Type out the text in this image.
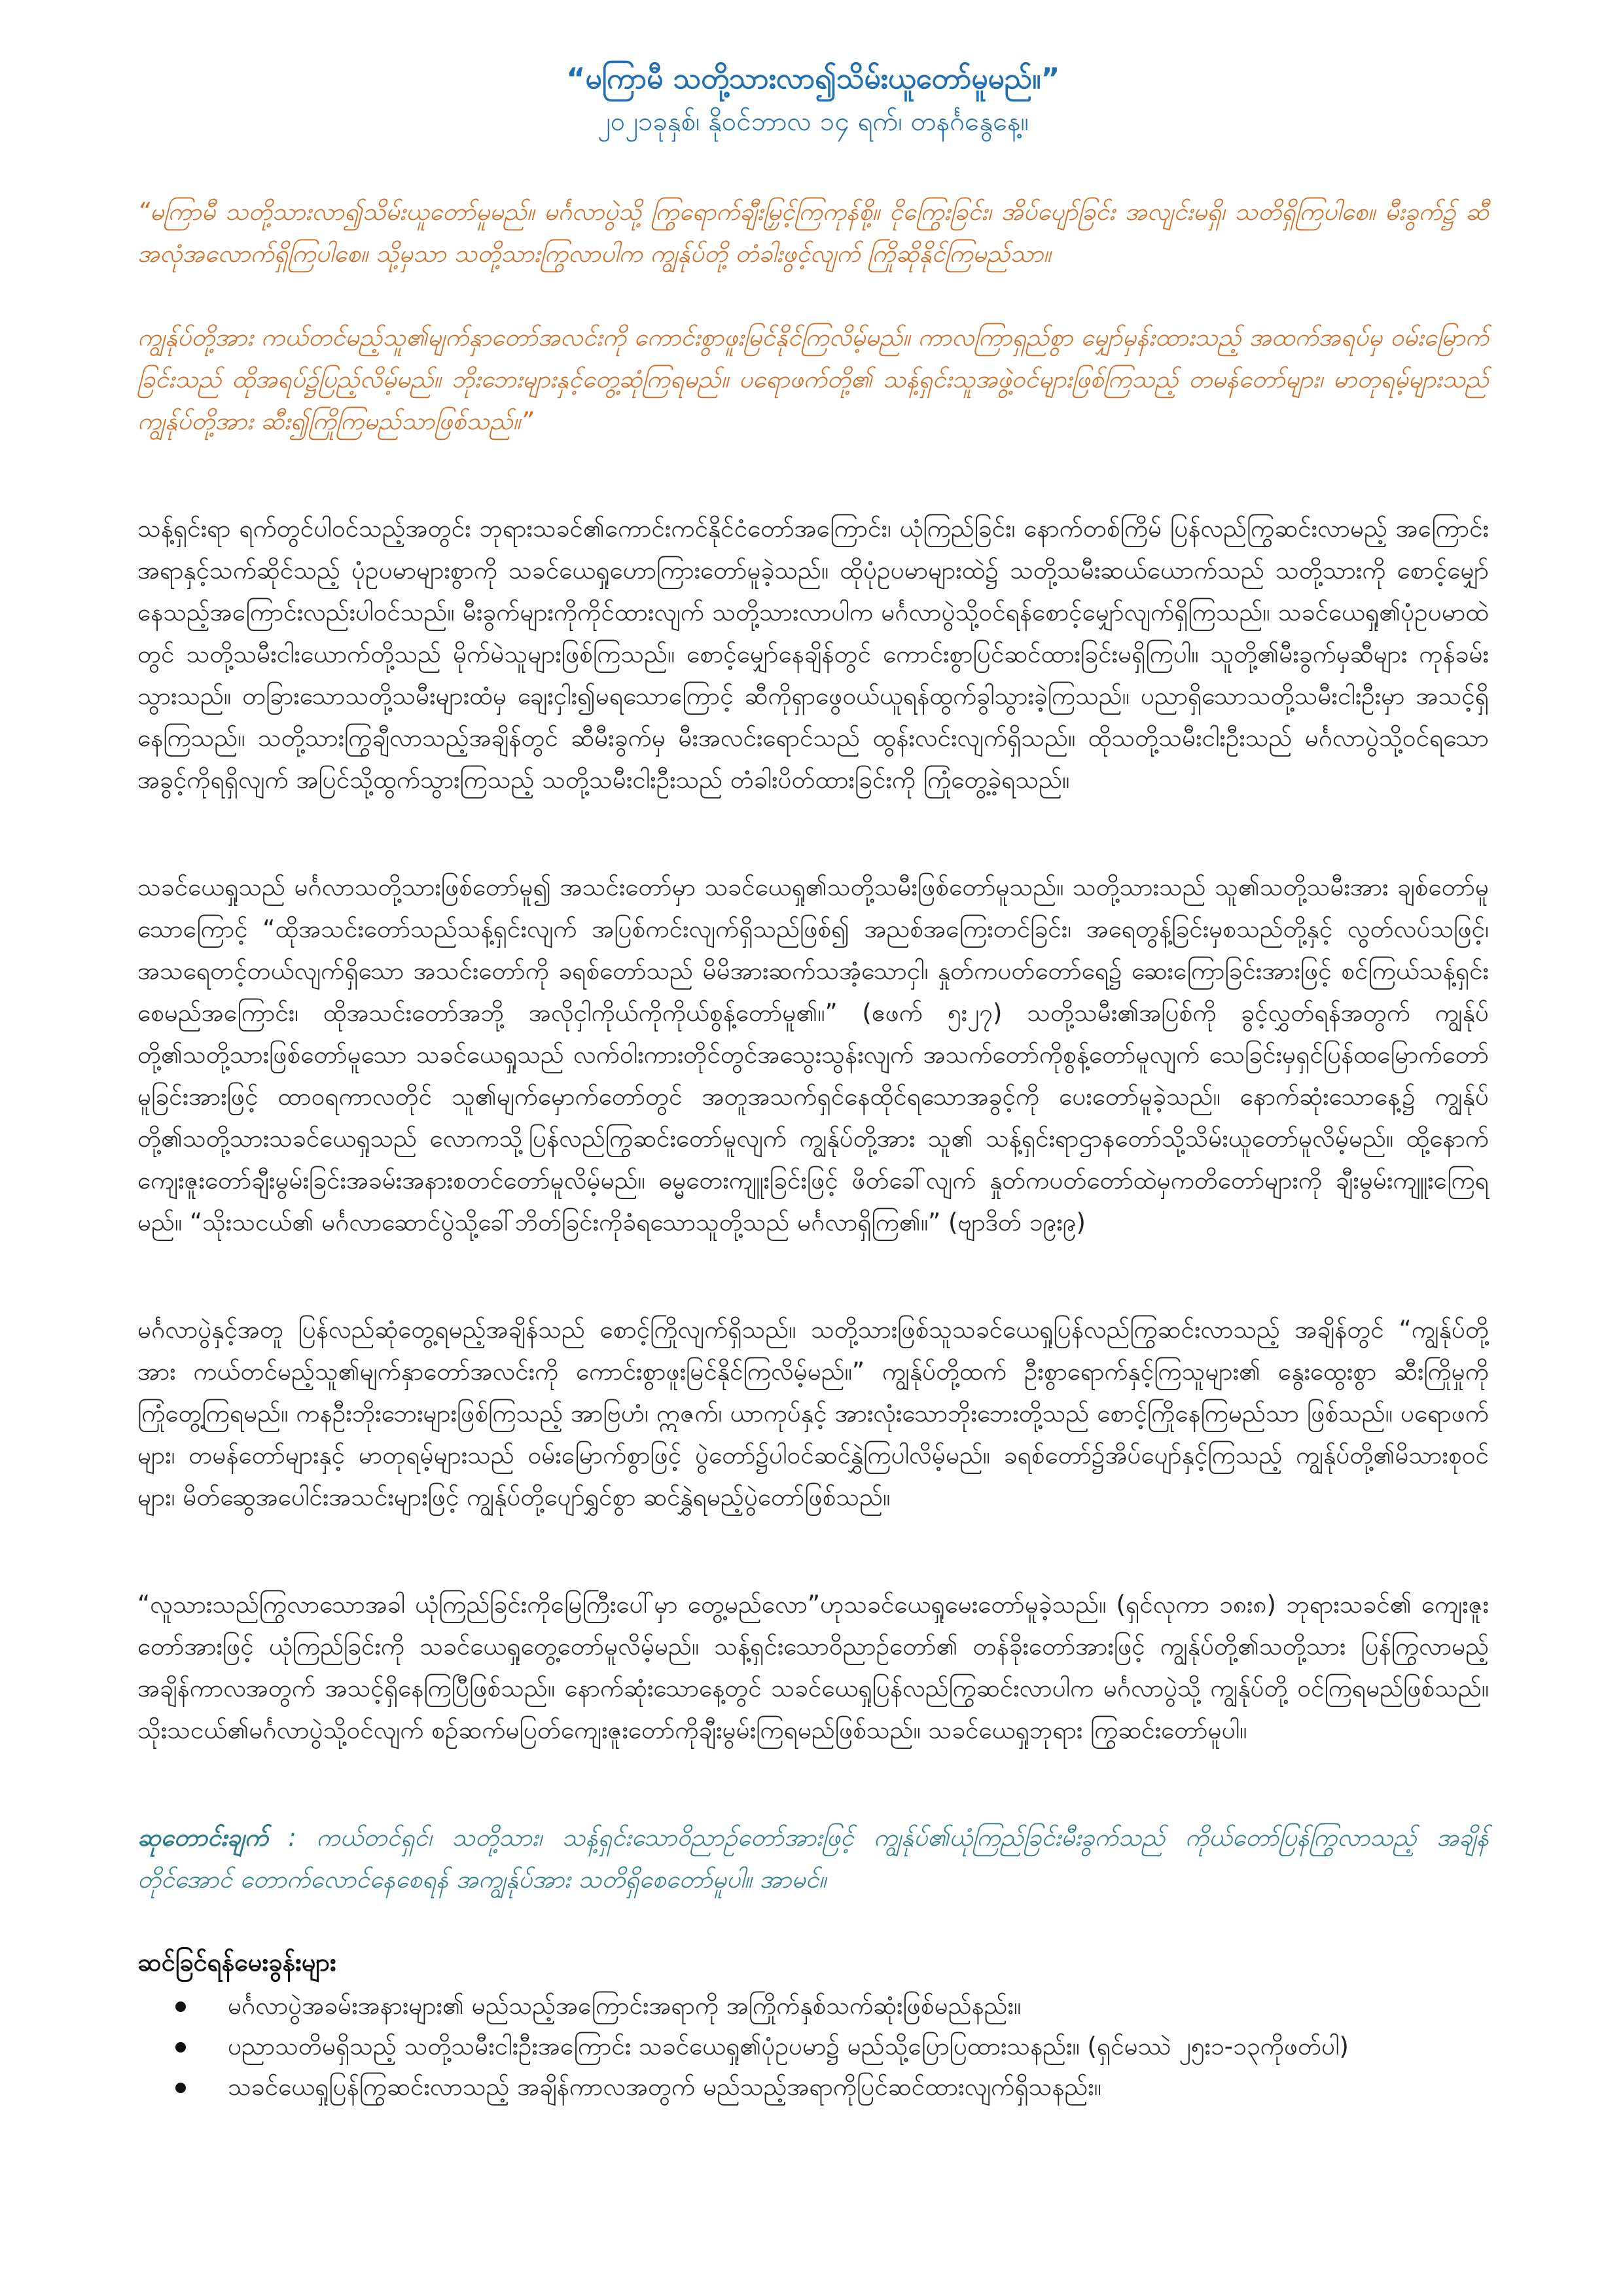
“မကြာမီ သတို့သားလာ၍သိမ်းယူတော်မူမည်။”

၂၀၂၁ခုနှစ်၊ နိုဝင်ဘာလ ၁၄ ရက်၊ တနင်္ဂနွေနေ့။

“မကြာမီ သတို့သားလာ၍သိမ်းယူတော်မူမည်။ မင်္ဂလာပွဲသို့ ကြွရောက်ချီးမြှင့်ကြကုန်စို့။ ငိုကြွေးခြင်း၊ အိပ်ပျော်ခြင်း အလျင်းမရှိ၊ သတိရှိကြပါစေ။ မီးခွက်၌ ဆီအလုံအလောက်ရှိကြပါစေ။ သို့မှသာ သတို့သားကြွလာပါက ကျွန်ုပ်တို့ တံခါးဖွင့်လျက် ကြိုဆိုနိုင်ကြမည်သာ။

ကျွန်ုပ်တို့အား ကယ်တင်မည့်သူ၏မျက်နှာတော်အလင်းကို ကောင်းစွာဖူးမြင်နိုင်ကြလိမ့်မည်။ ကာလကြာရှည်စွာ မျှော်မှန်းထားသည့် အထက်အရပ်မှ ဝမ်းမြောက်ခြင်းသည် ထိုအရပ်၌ပြည့်လိမ့်မည်။ ဘိုးဘေးများနှင့်တွေ့ဆုံကြရမည်။ ပရောဖက်တို့၏ သန့်ရှင်းသူအဖွဲ့ဝင်များဖြစ်ကြသည့် တမန်တော်များ၊ မာတုရမ့်များသည် ကျွန်ုပ်တို့အား ဆီး၍ကြိုကြမည်သာဖြစ်သည်။”

သန့်ရှင်းရာ ရက်တွင်ပါဝင်သည့်အတွင်း ဘုရားသခင်၏ကောင်းကင်နိုင်ငံတော်အကြောင်း၊ ယုံကြည်ခြင်း၊ နောက်တစ်ကြိမ် ပြန်လည်ကြွဆင်းလာမည့် အကြောင်း အရာနှင့်သက်ဆိုင်သည့် ပုံဥပမာများစွာကို သခင်ယေရှုဟောကြားတော်မူခဲ့သည်။ ထိုပုံဥပမာများထဲ၌ သတို့သမီးဆယ်ယောက်သည် သတို့သားကို စောင့်မျှော်နေသည့်အကြောင်းလည်းပါဝင်သည်။ မီးခွက်များကိုကိုင်ထားလျက် သတို့သားလာပါက မင်္ဂလာပွဲသို့ဝင်ရန်စောင့်မျှော်လျက်ရှိကြသည်။ သခင်ယေရှု၏ပုံဥပမာထဲတွင် သတို့သမီးငါးယောက်တို့သည် မိုက်မဲသူများဖြစ်ကြသည်။ စောင့်မျှော်နေချိန်တွင် ကောင်းစွာပြင်ဆင်ထားခြင်းမရှိကြပါ။ သူတို့၏မီးခွက်မှဆီများ ကုန်ခမ်းသွားသည်။ တခြားသောသတို့သမီးများထံမှ ချေးငှါး၍မရသောကြောင့် ဆီကိုရှာဖွေဝယ်ယူရန်ထွက်ခွါသွားခဲ့ကြသည်။ ပညာရှိသောသတို့သမီးငါးဦးမှာ အသင့်ရှိနေကြသည်။ သတို့သားကြွချီလာသည့်အချိန်တွင် ဆီမီးခွက်မှ မီးအလင်းရောင်သည် ထွန်းလင်းလျက်ရှိသည်။ ထိုသတို့သမီးငါးဦးသည် မင်္ဂလာပွဲသို့ဝင်ရသောအခွင့်ကိုရရှိလျက် အပြင်သို့ထွက်သွားကြသည့် သတို့သမီးငါးဦးသည် တံခါးပိတ်ထားခြင်းကို ကြုံတွေ့ခဲ့ရသည်။

သခင်ယေရှုသည် မင်္ဂလာသတို့သားဖြစ်တော်မူ၍ အသင်းတော်မှာ သခင်ယေရှု၏သတို့သမီးဖြစ်တော်မူသည်။ သတို့သားသည် သူ၏သတို့သမီးအား ချစ်တော်မူသောကြောင့် “ထိုအသင်းတော်သည်သန့်ရှင်းလျက် အပြစ်ကင်းလျက်ရှိသည်ဖြစ်၍ အညစ်အကြေးတင်ခြင်း၊ အရေတွန့်ခြင်းမှစသည်တို့နှင့် လွတ်လပ်သဖြင့်၊ အသရေတင့်တယ်လျက်ရှိသော အသင်းတော်ကို ခရစ်တော်သည် မိမိအားဆက်သအံ့သောငှါ၊ နှုတ်ကပတ်တော်ရေ၌ ဆေးကြောခြင်းအားဖြင့် စင်ကြယ်သန့်ရှင်းစေမည်အကြောင်း၊ ထိုအသင်းတော်အဘို့ အလိုငှါကိုယ်ကိုကိုယ်စွန့်တော်မူ၏။” (ဧဖက် ၅း၂၇) သတို့သမီး၏အပြစ်ကို ခွင့်လွှတ်ရန်အတွက် ကျွန်ုပ်တို့၏သတို့သားဖြစ်တော်မူသော သခင်ယေရှုသည် လက်ဝါးကားတိုင်တွင်အသွေးသွန်းလျက် အသက်တော်ကိုစွန့်တော်မူလျက် သေခြင်းမှရှင်ပြန်ထမြောက်တော်မူခြင်းအားဖြင့် ထာဝရကာလတိုင် သူ၏မျက်မှောက်တော်တွင် အတူအသက်ရှင်နေထိုင်ရသောအခွင့်ကို ပေးတော်မူခဲ့သည်။ နောက်ဆုံးသောနေ့၌ ကျွန်ုပ်တို့၏သတို့သားသခင်ယေရှုသည် လောကသို့ပြန်လည်ကြွဆင်းတော်မူလျက် ကျွန်ုပ်တို့အား သူ၏ သန့်ရှင်းရာဌာနတော်သို့သိမ်းယူတော်မူလိမ့်မည်။ ထို့နောက် ကျေးဇူးတော်ချီးမွမ်းခြင်းအခမ်းအနားစတင်တော်မူလိမ့်မည်။ ဓမ္မတေးကျူးခြင်းဖြင့် ဖိတ်ခေါ်လျက် နှုတ်ကပတ်တော်ထဲမှကတိတော်များကို ချီးမွမ်းကျူးကြေရမည်။ “သိုးသငယ်၏ မင်္ဂလာဆောင်ပွဲသို့ခေါ်ဘိတ်ခြင်းကိုခံရသောသူတို့သည် မင်္ဂလာရှိကြ၏။” (ဗျာဒိတ် ၁၉း၉)

မင်္ဂလာပွဲနှင့်အတူ ပြန်လည်ဆုံတွေ့ရမည့်အချိန်သည် စောင့်ကြိုလျက်ရှိသည်။ သတို့သားဖြစ်သူသခင်ယေရှုပြန်လည်ကြွဆင်းလာသည့် အချိန်တွင် “ကျွန်ုပ်တို့အား ကယ်တင်မည့်သူ၏မျက်နှာတော်အလင်းကို ကောင်းစွာဖူးမြင်နိုင်ကြလိမ့်မည်။” ကျွန်ုပ်တို့ထက် ဦးစွာရောက်နှင့်ကြသူများ၏ နွေးထွေးစွာ ဆီးကြိုမှုကို ကြုံတွေ့ကြရမည်။ ကနဦးဘိုးဘေးများဖြစ်ကြသည့် အာဗြဟံ၊ ဣဇက်၊ ယာကုပ်နှင့် အားလုံးသောဘိုးဘေးတို့သည် စောင့်ကြိုနေကြမည်သာ ဖြစ်သည်။ ပရောဖက်များ၊ တမန်တော်များနှင့် မာတုရမ့်များသည် ဝမ်းမြောက်စွာဖြင့် ပွဲတော်၌ပါဝင်ဆင်နွှဲကြပါလိမ့်မည်။ ခရစ်တော်၌အိပ်ပျော်နှင့်ကြသည့် ကျွန်ုပ်တို့၏မိသားစုဝင်များ၊ မိတ်ဆွေအပေါင်းအသင်းများဖြင့် ကျွန်ုပ်တို့ပျော်ရွှင်စွာ ဆင်နွှဲရမည့်ပွဲတော်ဖြစ်သည်။

“လူသားသည်ကြွလာသောအခါ ယုံကြည်ခြင်းကိုမြေကြီးပေါ်မှာ တွေ့မည်လော”ဟုသခင်ယေရှုမေးတော်မူခဲ့သည်။ (ရှင်လုကာ ၁၈း၈) ဘုရားသခင်၏ ကျေးဇူးတော်အားဖြင့် ယုံကြည်ခြင်းကို သခင်ယေရှုတွေ့တော်မူလိမ့်မည်။ သန့်ရှင်းသောဝိညာဉ်တော်၏ တန်ခိုးတော်အားဖြင့် ကျွန်ုပ်တို့၏သတို့သား ပြန်ကြွလာမည့်အချိန်ကာလအတွက် အသင့်ရှိနေကြပြီဖြစ်သည်။ နောက်ဆုံးသောနေ့တွင် သခင်ယေရှုပြန်လည်ကြွဆင်းလာပါက မင်္ဂလာပွဲသို့ ကျွန်ုပ်တို့ ဝင်ကြရမည်ဖြစ်သည်။ သိုးသငယ်၏မင်္ဂလာပွဲသို့ဝင်လျက် စဉ်ဆက်မပြတ်ကျေးဇူးတော်ကိုချီးမွမ်းကြရမည်ဖြစ်သည်။ သခင်ယေရှုဘုရား ကြွဆင်းတော်မူပါ။

ဆုတောင်းချက် : ကယ်တင်ရှင်၊ သတို့သား၊ သန့်ရှင်းသောဝိညာဉ်တော်အားဖြင့် ကျွန်ုပ်၏ယုံကြည်ခြင်းမီးခွက်သည် ကိုယ်တော်ပြန်ကြွလာသည့် အချိန်တိုင်အောင် တောက်လောင်နေစေရန် အကျွန်ုပ်အား သတိရှိစေတော်မူပါ။ အာမင်။

ဆင်ခြင်ရန်မေးခွန်းများ

မင်္ဂလာပွဲအခမ်းအနားများ၏ မည်သည့်အကြောင်းအရာကို အကြိုက်နှစ်သက်ဆုံးဖြစ်မည်နည်း။
ပညာသတိမရှိသည့် သတို့သမီးငါးဦးအကြောင်း သခင်ယေရှု၏ပုံဥပမာ၌ မည်သို့ပြောပြထားသနည်း။ (ရှင်မဿဲ ၂၅း၁-၁၃ကိုဖတ်ပါ)
သခင်ယေရှုပြန်ကြွဆင်းလာသည့် အချိန်ကာလအတွက် မည်သည့်အရာကိုပြင်ဆင်ထားလျက်ရှိသနည်း။
